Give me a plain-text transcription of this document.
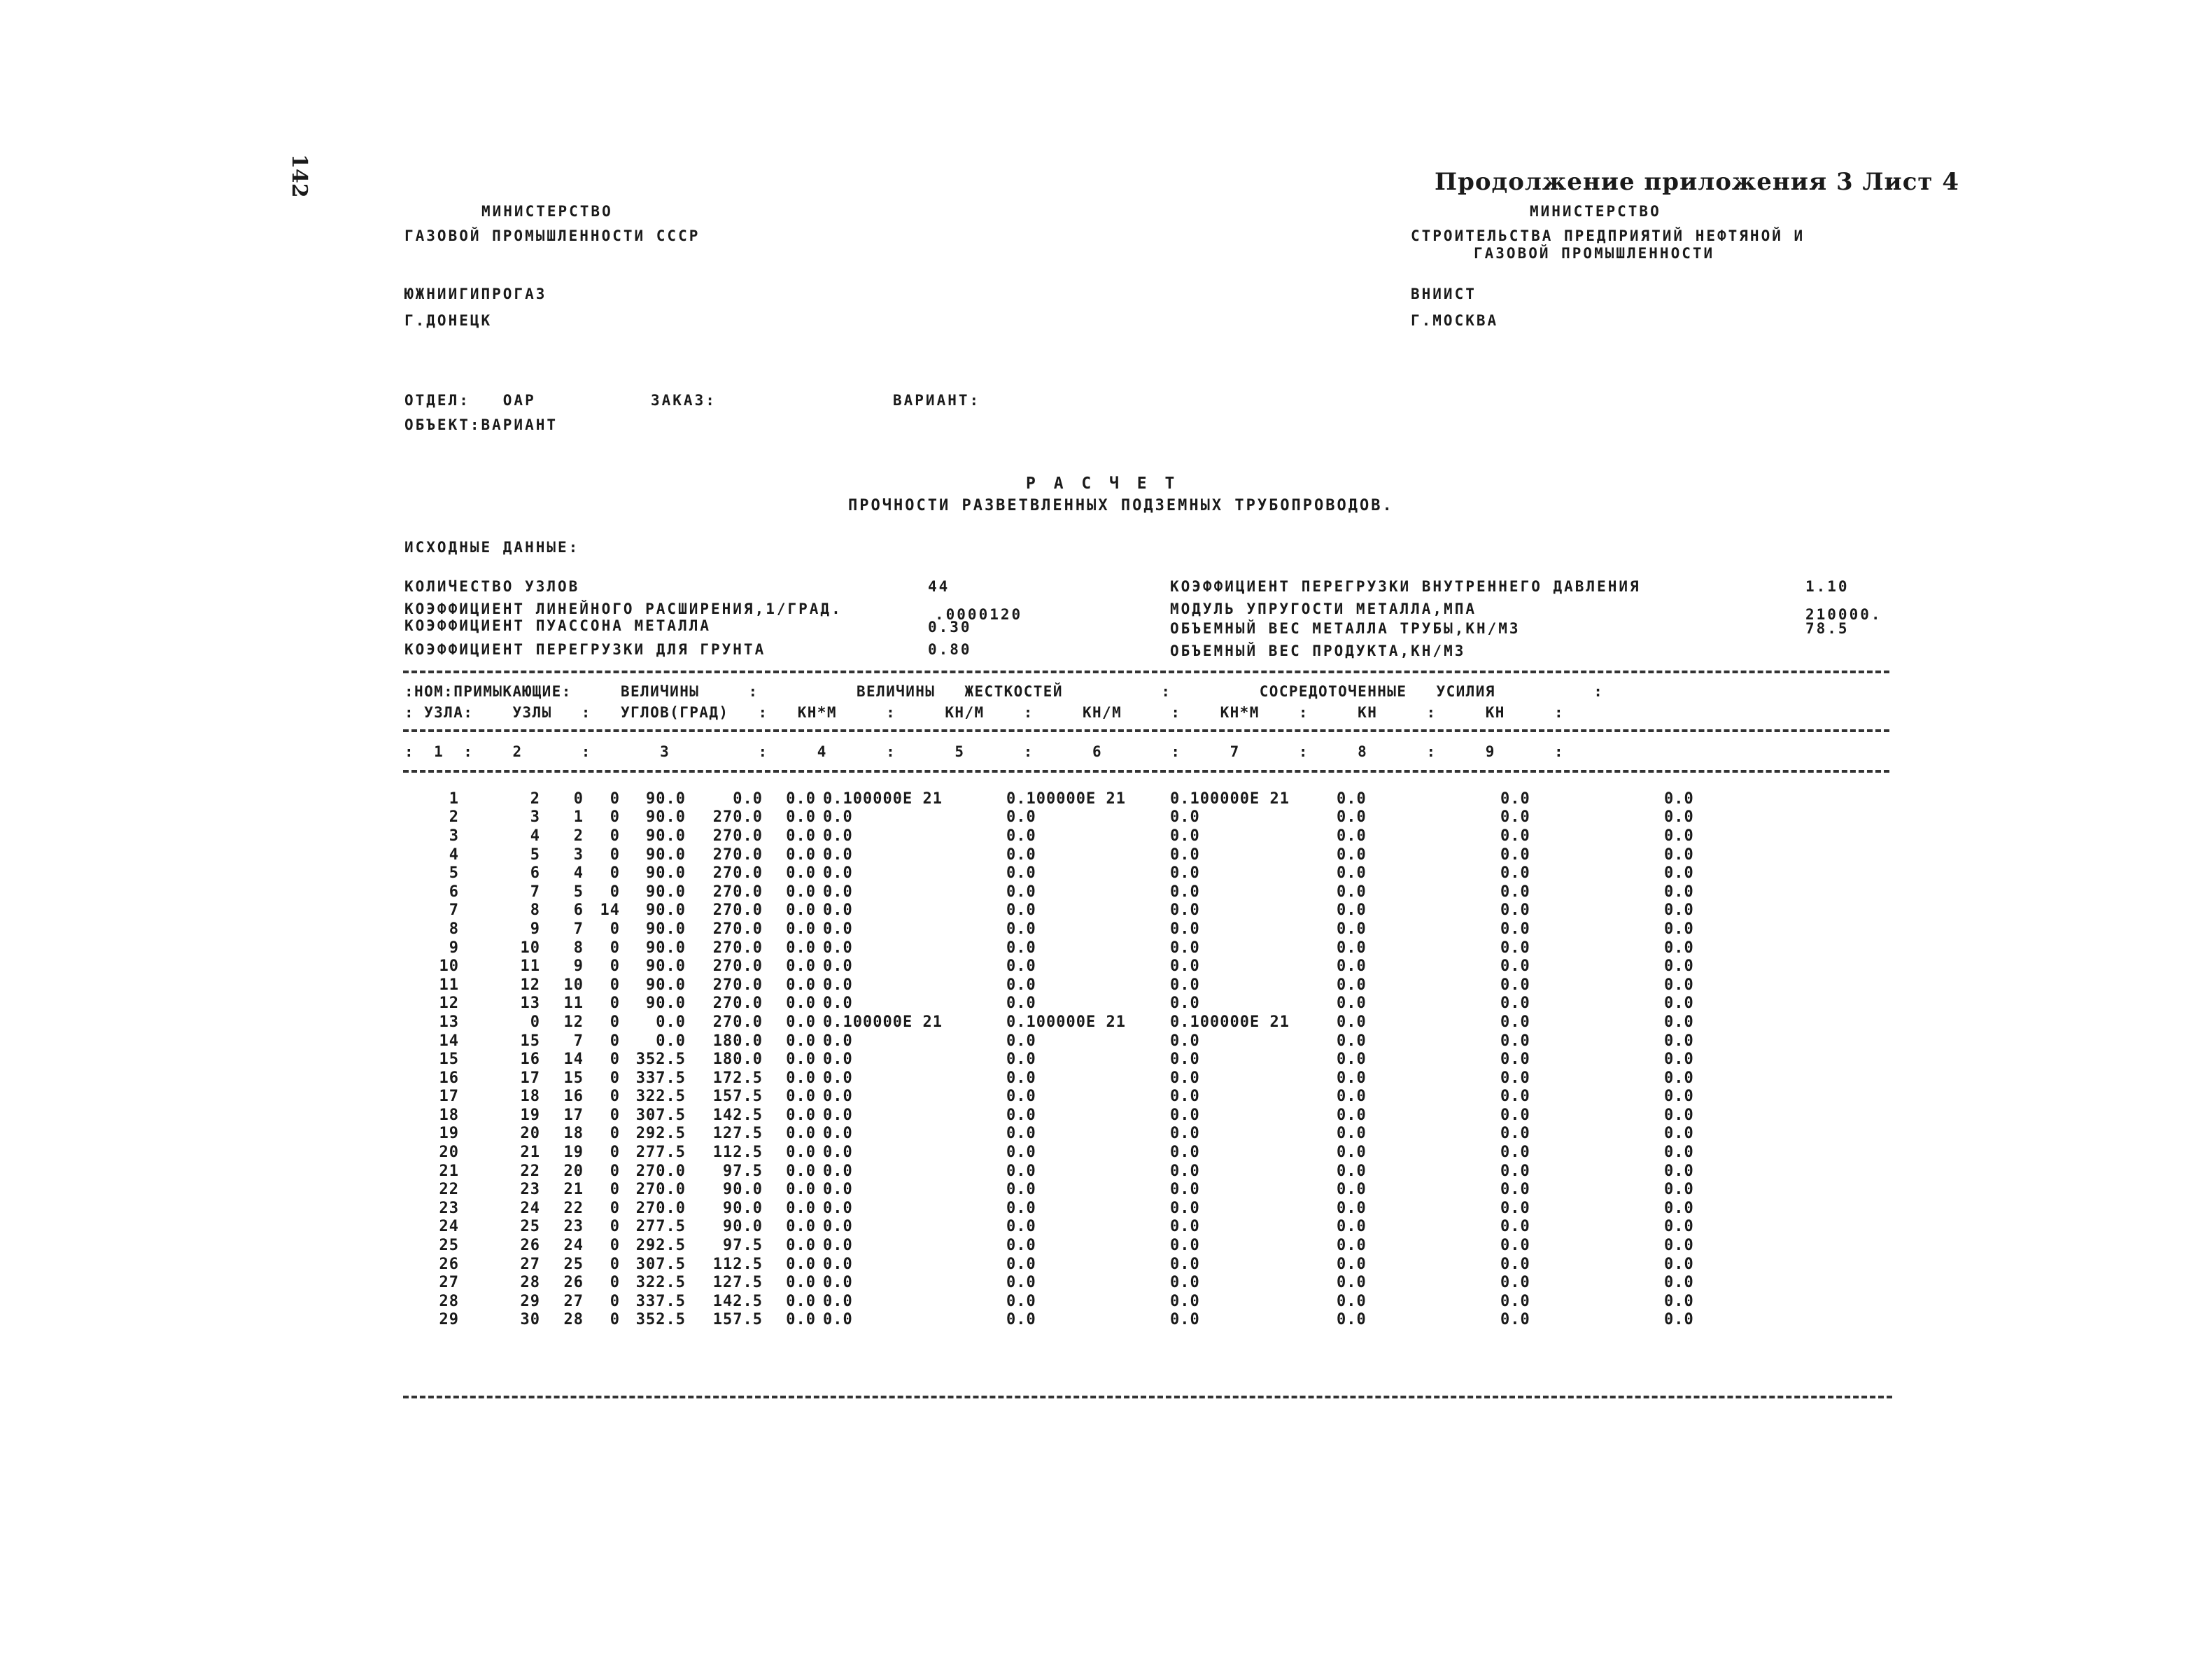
142	Продолжение приложения 3 Лист 4
МИНИСТЕРСТВО
ГАЗОВОЙ ПРОМЫШЛЕННОСТИ СССР
ЮЖНИИГИПРОГАЗ
Г.ДОНЕЦК
МИНИСТЕРСТВО
СТРОИТЕЛЬСТВА ПРЕДПРИЯТИЙ НЕФТЯНОЙ И
ГАЗОВОЙ ПРОМЫШЛЕННОСТИ
ВНИИСТ
Г.МОСКВА
ОТДЕЛ:   ОАР	ЗАКАЗ:	ВАРИАНТ:
ОБЪЕКТ:ВАРИАНТ
Р А С Ч Е Т
ПРОЧНОСТИ РАЗВЕТВЛЕННЫХ ПОДЗЕМНЫХ ТРУБОПРОВОДОВ.
ИСХОДНЫЕ ДАННЫЕ:
КОЛИЧЕСТВО УЗЛОВ	44
КОЭФФИЦИЕНТ ЛИНЕЙНОГО РАСШИРЕНИЯ,1/ГРАД.	.0000120
КОЭФФИЦИЕНТ ПУАССОНА МЕТАЛЛА	0.30
КОЭФФИЦИЕНТ ПЕРЕГРУЗКИ ДЛЯ ГРУНТА	0.80
КОЭФФИЦИЕНТ ПЕРЕГРУЗКИ ВНУТРЕННЕГО ДАВЛЕНИЯ	1.10
МОДУЛЬ УПРУГОСТИ МЕТАЛЛА,МПА	210000.
ОБЪЕМНЫЙ ВЕС МЕТАЛЛА ТРУБЫ,КН/М3	78.5
ОБЪЕМНЫЙ ВЕС ПРОДУКТА,КН/М3
:НОМ:ПРИМЫКАЮЩИЕ:     ВЕЛИЧИНЫ     :          ВЕЛИЧИНЫ   ЖЕСТКОСТЕЙ          :         СОСРЕДОТОЧЕННЫЕ   УСИЛИЯ          :
: УЗЛА:    УЗЛЫ   :   УГЛОВ(ГРАД)   :   КН*М     :     КН/М    :     КН/М     :    КН*М    :     КН     :     КН     :
:  1  :    2      :       3         :     4      :      5      :      6       :     7      :     8      :     9      :
1	2	0	0	90.0	0.0	0.0	0.100000E 21	0.100000E 21	0.100000E 21	0.0	0.0	0.0
2	3	1	0	90.0	270.0	0.0	0.0	0.0	0.0	0.0	0.0	0.0
3	4	2	0	90.0	270.0	0.0	0.0	0.0	0.0	0.0	0.0	0.0
4	5	3	0	90.0	270.0	0.0	0.0	0.0	0.0	0.0	0.0	0.0
5	6	4	0	90.0	270.0	0.0	0.0	0.0	0.0	0.0	0.0	0.0
6	7	5	0	90.0	270.0	0.0	0.0	0.0	0.0	0.0	0.0	0.0
7	8	6	14	90.0	270.0	0.0	0.0	0.0	0.0	0.0	0.0	0.0
8	9	7	0	90.0	270.0	0.0	0.0	0.0	0.0	0.0	0.0	0.0
9	10	8	0	90.0	270.0	0.0	0.0	0.0	0.0	0.0	0.0	0.0
10	11	9	0	90.0	270.0	0.0	0.0	0.0	0.0	0.0	0.0	0.0
11	12	10	0	90.0	270.0	0.0	0.0	0.0	0.0	0.0	0.0	0.0
12	13	11	0	90.0	270.0	0.0	0.0	0.0	0.0	0.0	0.0	0.0
13	0	12	0	0.0	270.0	0.0	0.100000E 21	0.100000E 21	0.100000E 21	0.0	0.0	0.0
14	15	7	0	0.0	180.0	0.0	0.0	0.0	0.0	0.0	0.0	0.0
15	16	14	0	352.5	180.0	0.0	0.0	0.0	0.0	0.0	0.0	0.0
16	17	15	0	337.5	172.5	0.0	0.0	0.0	0.0	0.0	0.0	0.0
17	18	16	0	322.5	157.5	0.0	0.0	0.0	0.0	0.0	0.0	0.0
18	19	17	0	307.5	142.5	0.0	0.0	0.0	0.0	0.0	0.0	0.0
19	20	18	0	292.5	127.5	0.0	0.0	0.0	0.0	0.0	0.0	0.0
20	21	19	0	277.5	112.5	0.0	0.0	0.0	0.0	0.0	0.0	0.0
21	22	20	0	270.0	97.5	0.0	0.0	0.0	0.0	0.0	0.0	0.0
22	23	21	0	270.0	90.0	0.0	0.0	0.0	0.0	0.0	0.0	0.0
23	24	22	0	270.0	90.0	0.0	0.0	0.0	0.0	0.0	0.0	0.0
24	25	23	0	277.5	90.0	0.0	0.0	0.0	0.0	0.0	0.0	0.0
25	26	24	0	292.5	97.5	0.0	0.0	0.0	0.0	0.0	0.0	0.0
26	27	25	0	307.5	112.5	0.0	0.0	0.0	0.0	0.0	0.0	0.0
27	28	26	0	322.5	127.5	0.0	0.0	0.0	0.0	0.0	0.0	0.0
28	29	27	0	337.5	142.5	0.0	0.0	0.0	0.0	0.0	0.0	0.0
29	30	28	0	352.5	157.5	0.0	0.0	0.0	0.0	0.0	0.0	0.0
